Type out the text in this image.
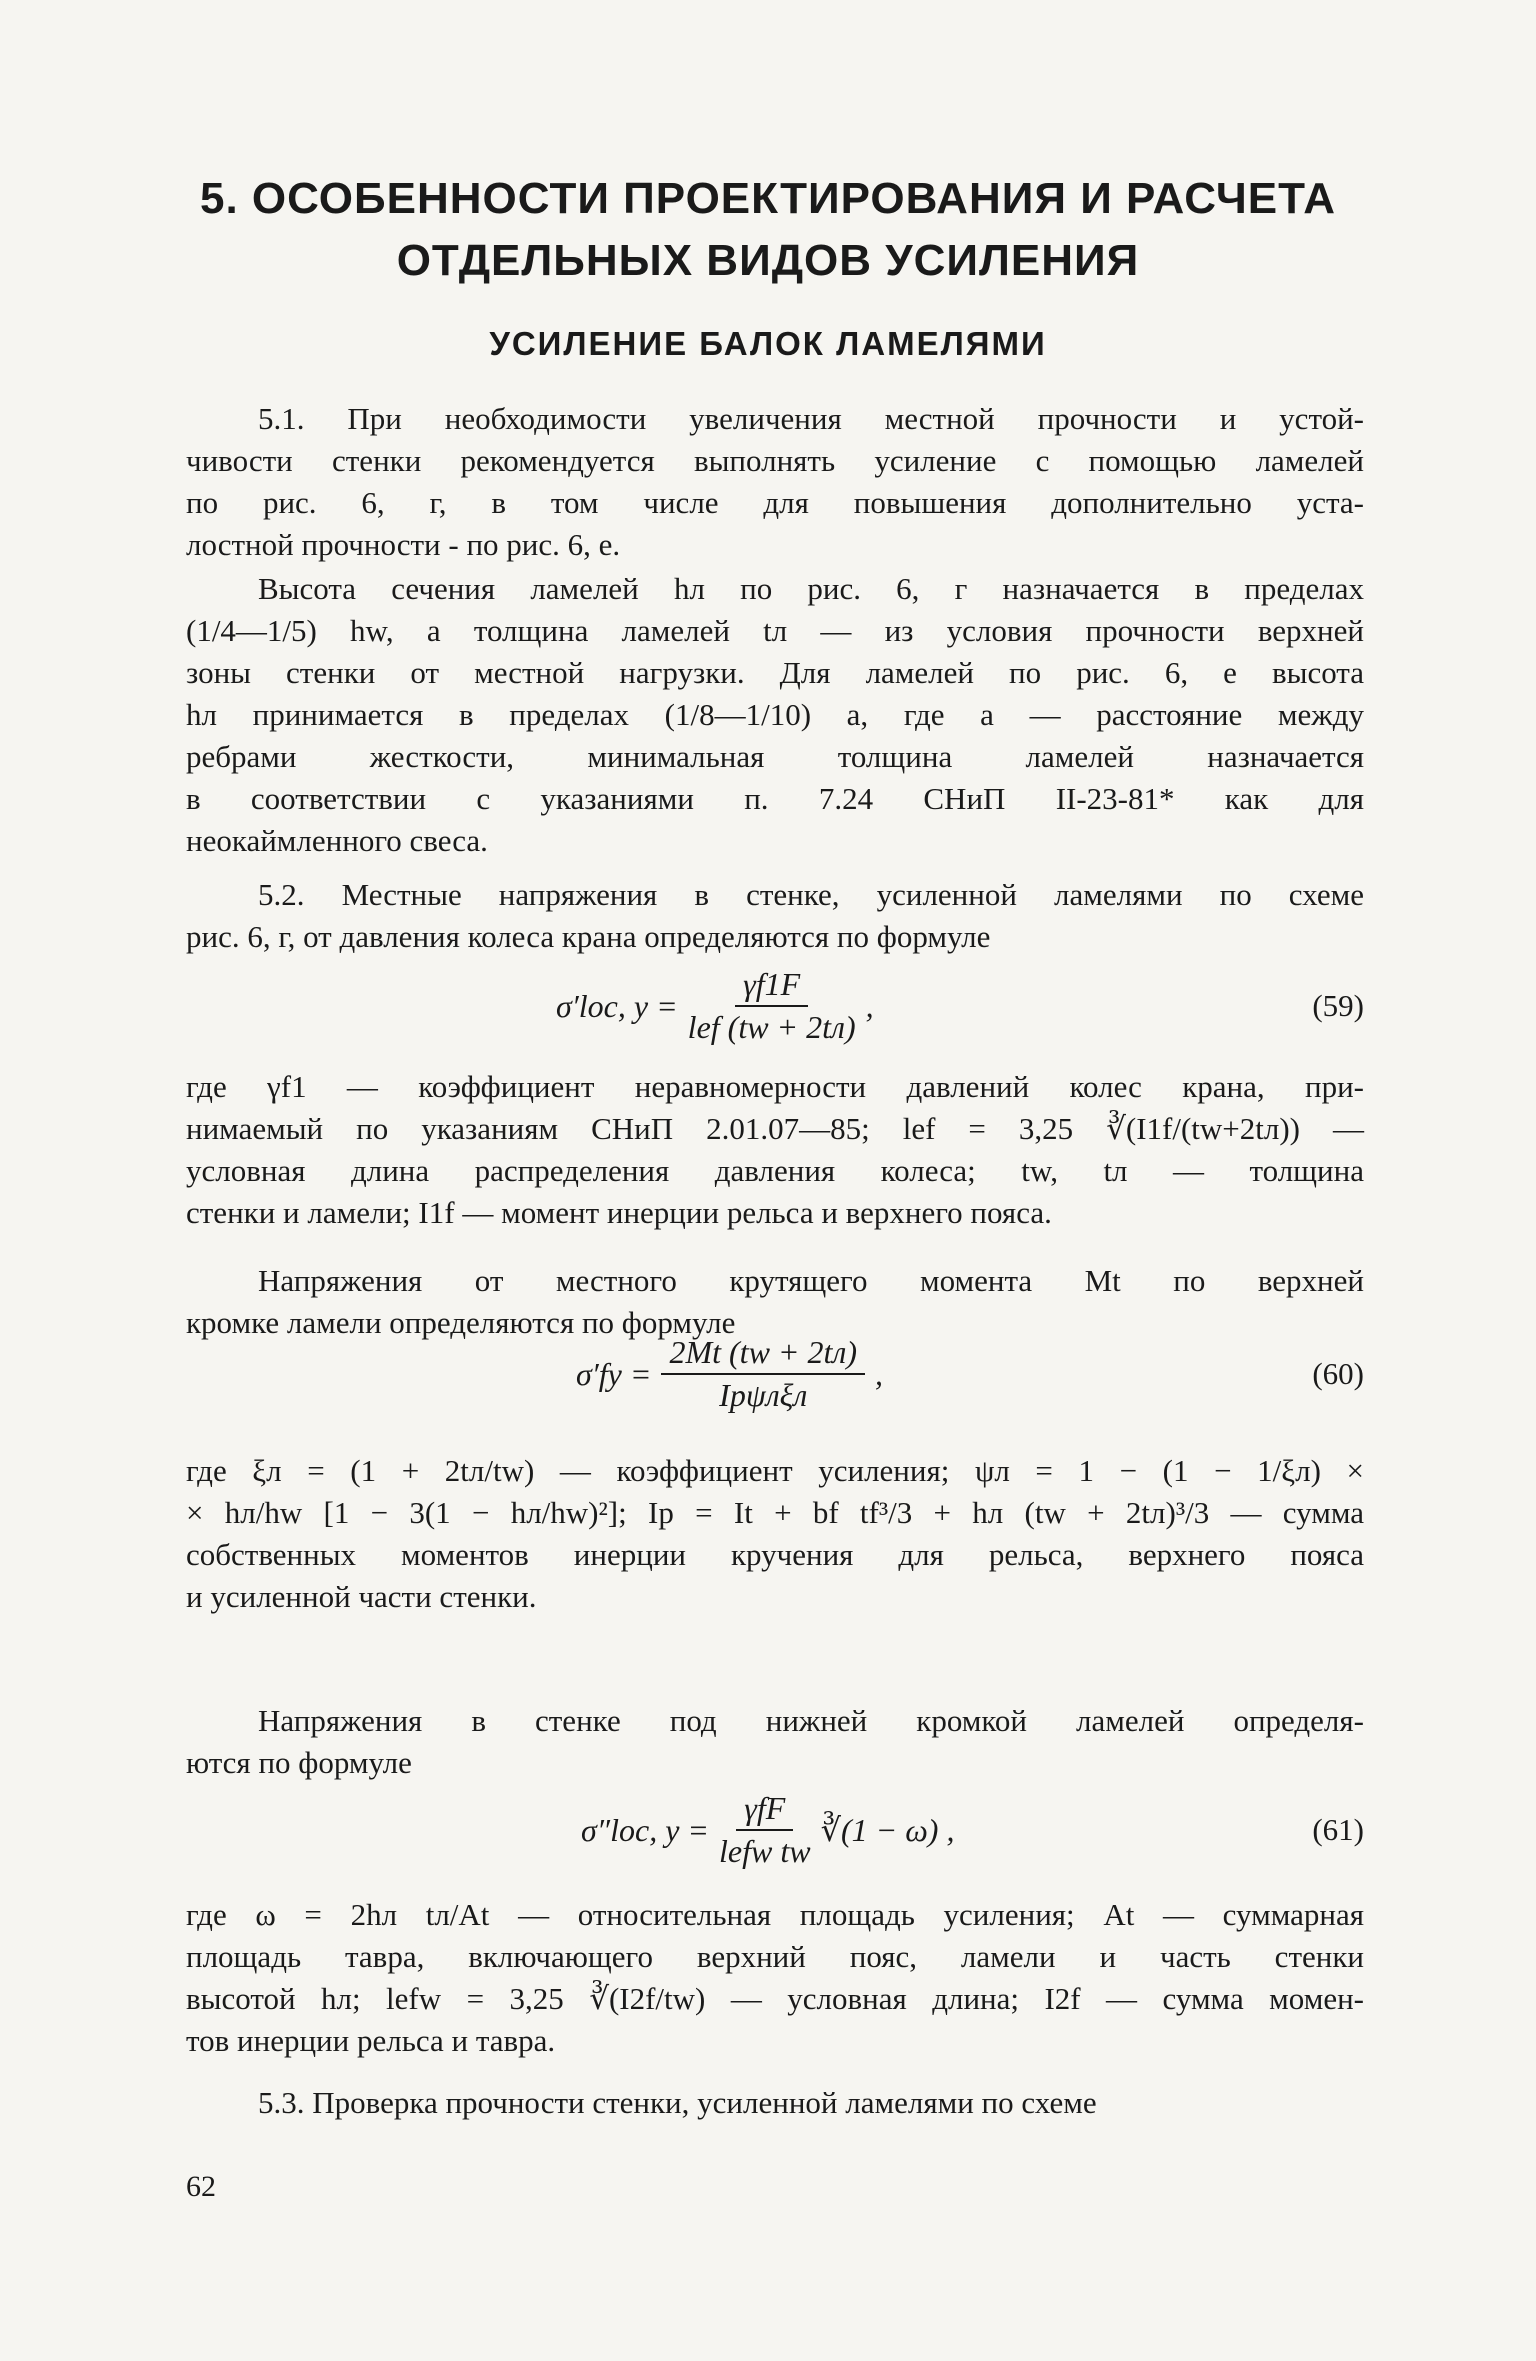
5. ОСОБЕННОСТИ ПРОЕКТИРОВАНИЯ И РАСЧЕТА
ОТДЕЛЬНЫХ ВИДОВ УСИЛЕНИЯ
УСИЛЕНИЕ БАЛОК ЛАМЕЛЯМИ

5.1. При необходимости увеличения местной прочности и устой-
чивости стенки рекомендуется выполнять усиление с помощью ламелей
по рис. 6, г, в том числе для повышения дополнительно уста-
лостной прочности - по рис. 6, е.

Высота сечения ламелей hл по рис. 6, г назначается в пределах
(1/4—1/5) hw, а толщина ламелей tл — из условия прочности верхней
зоны стенки от местной нагрузки. Для ламелей по рис. 6, е высота
hл принимается в пределах (1/8—1/10) a, где a — расстояние между
ребрами жесткости, минимальная толщина ламелей назначается
в соответствии с указаниями п. 7.24 СНиП II-23-81* как для
неокаймленного свеса.

5.2. Местные напряжения в стенке, усиленной ламелями по схеме
рис. 6, г, от давления колеса крана определяются по формуле

σ′loc, $y = \frac{\gamma f1F}{\text{lef (tw + 2tл)}}$ ,	(59)

где γf1 — коэффициент неравномерности давлений колес крана, при-
нимаемый по указаниям СНиП 2.01.07—85; lef = 3,25 ∛(I1f/(tw+2tл)) —
условная длина распределения давления колеса; tw, tл — толщина
стенки и ламели; I1f — момент инерции рельса и верхнего пояса.

Напряжения от местного крутящего момента Mt по верхней
кромке ламели определяются по формуле

$\sigma'fy = \frac{2Mt (tw + 2tл)}{\text{Ipψлξл}}$ ,	(60)

где ξл = (1 + 2tл/tw) — коэффициент усиления; ψл = 1 − (1 − 1/ξл) ×
× hл/hw [1 − 3(1 − hл/hw)²]; Ip = It + bf tf³/3 + hл (tw + 2tл)³/3 — сумма
собственных моментов инерции кручения для рельса, верхнего пояса
и усиленной части стенки.

Напряжения в стенке под нижней кромкой ламелей определя-
ются по формуле

σ″loc, $y = \frac{\text{γfF}}{\text{lefw tw}}$ ∛(1 − ω) ,	(61)

где ω = 2hл tл/At — относительная площадь усиления; At — суммарная
площадь тавра, включающего верхний пояс, ламели и часть стенки
высотой hл; lefw = 3,25 ∛(I2f/tw) — условная длина; I2f — сумма момен-
тов инерции рельса и тавра.

5.3. Проверка прочности стенки, усиленной ламелями по схеме

62
